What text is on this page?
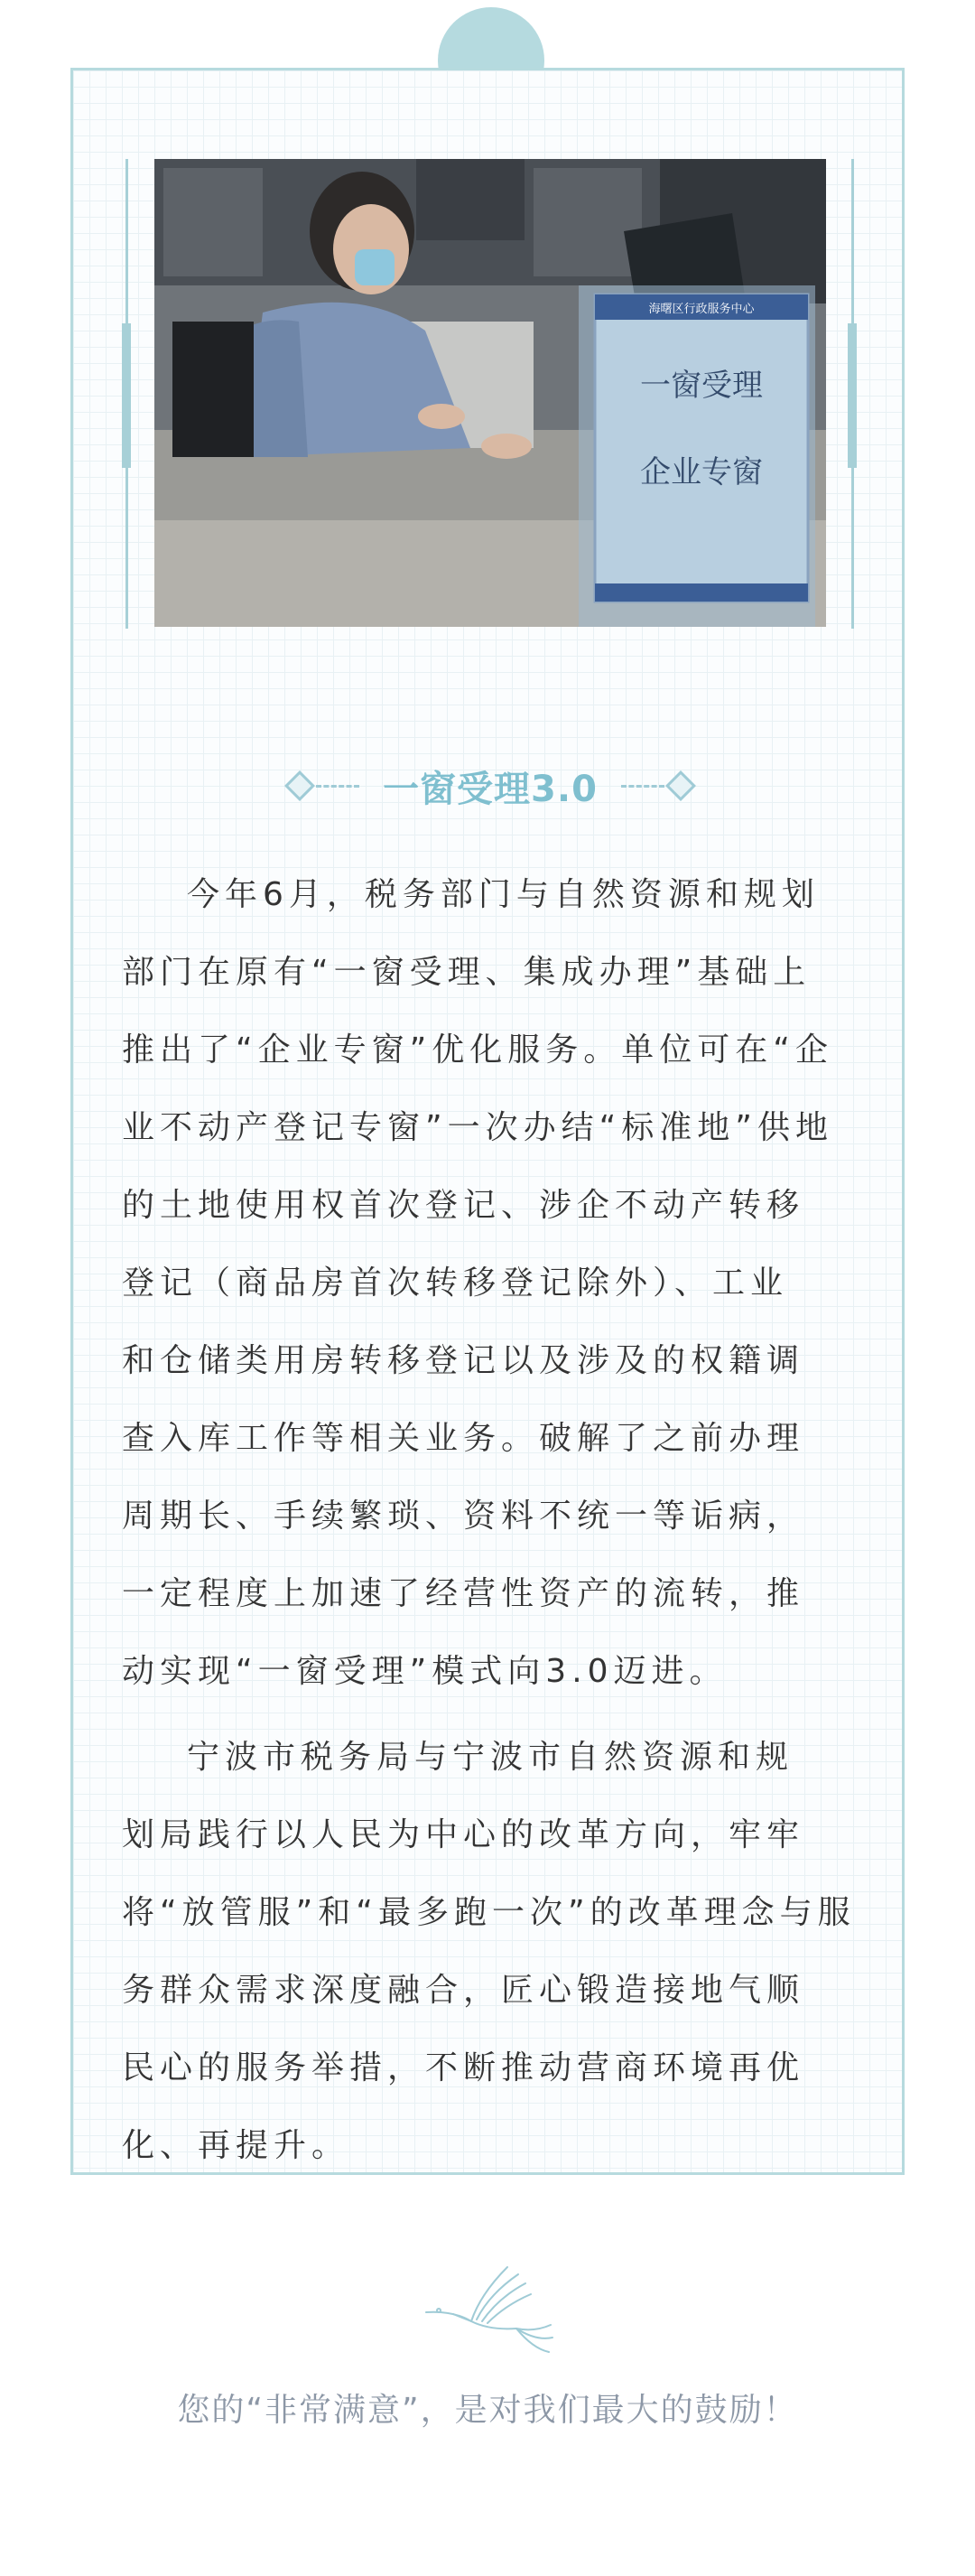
海曙区行政服务中心
一窗受理
企业专窗
一窗受理3.0
今年6月，税务部门与自然资源和规划
部门在原有“一窗受理、集成办理”基础上
推出了“企业专窗”优化服务。单位可在“企
业不动产登记专窗”一次办结“标准地”供地
的土地使用权首次登记、涉企不动产转移
登记（商品房首次转移登记除外）、工业
和仓储类用房转移登记以及涉及的权籍调
查入库工作等相关业务。破解了之前办理
周期长、手续繁琐、资料不统一等诟病，
一定程度上加速了经营性资产的流转，推
动实现“一窗受理”模式向3.0迈进。
宁波市税务局与宁波市自然资源和规
划局践行以人民为中心的改革方向，牢牢
将“放管服”和“最多跑一次”的改革理念与服
务群众需求深度融合，匠心锻造接地气顺
民心的服务举措，不断推动营商环境再优
化、再提升。
您的“非常满意”，是对我们最大的鼓励！
